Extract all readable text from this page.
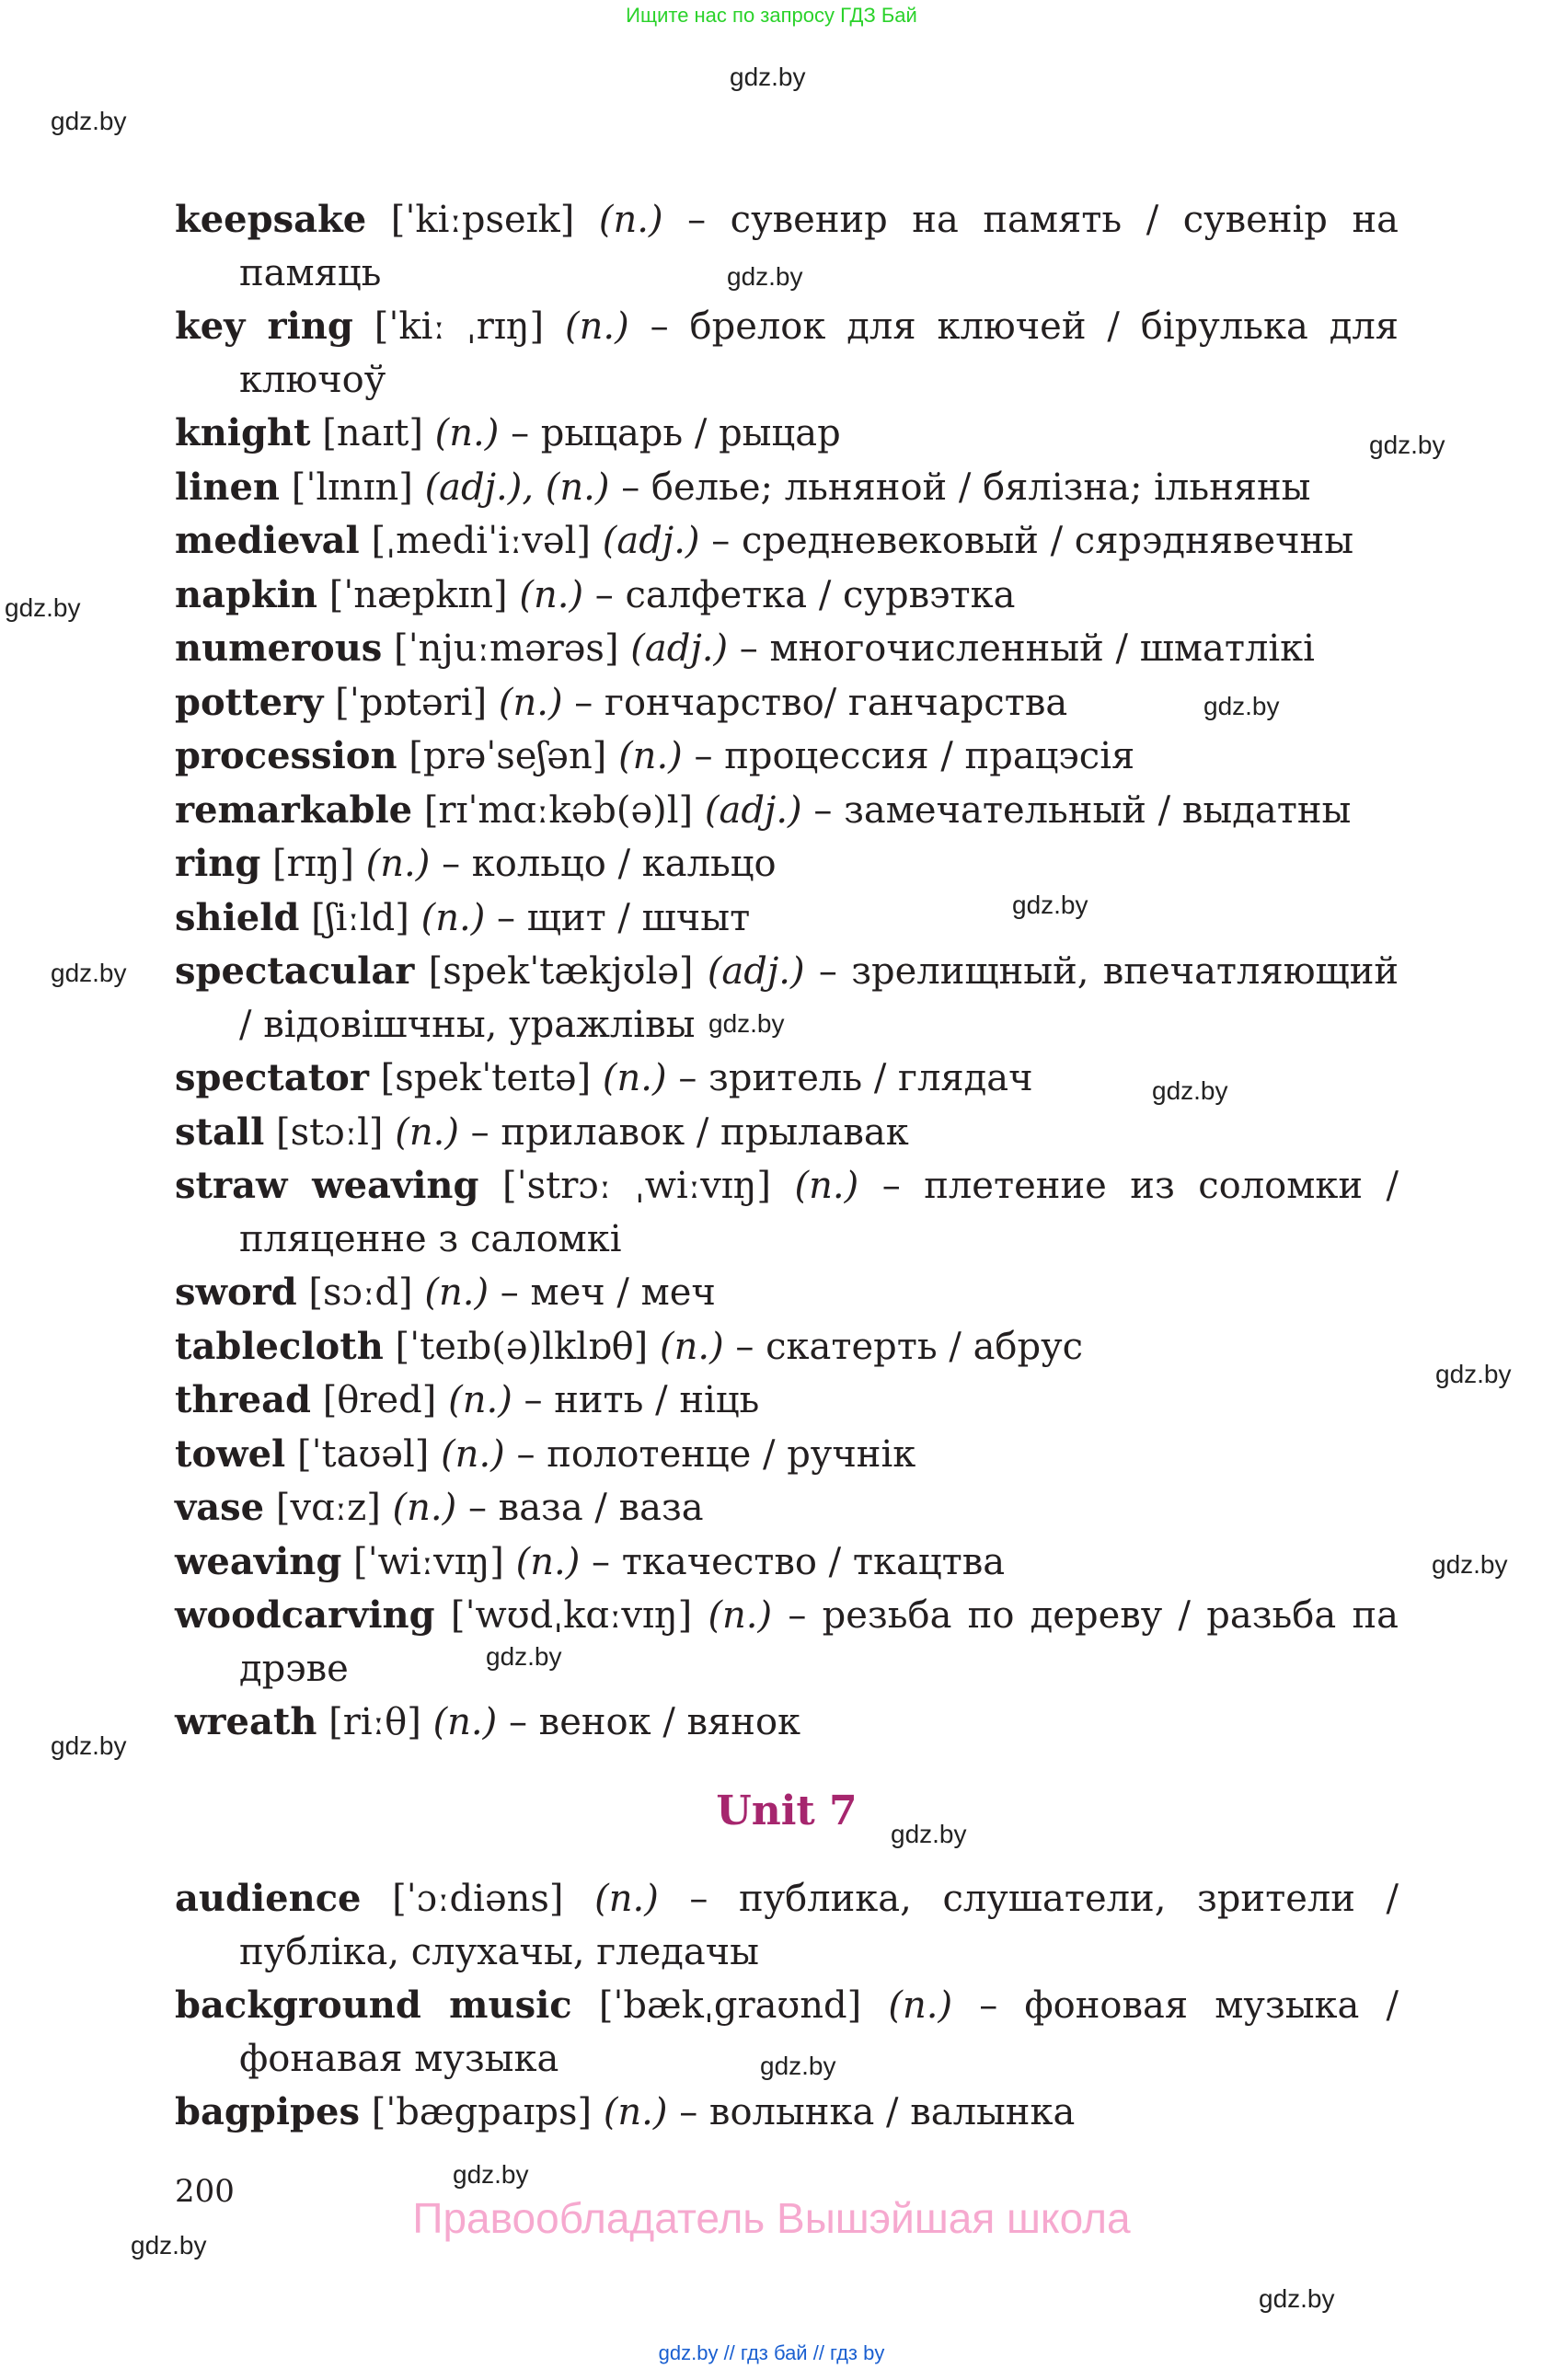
Ищите нас по запросу ГДЗ Бай
gdz.by
gdz.by
gdz.by
gdz.by
gdz.by
gdz.by
gdz.by
gdz.by
gdz.by
gdz.by
gdz.by
gdz.by
gdz.by
gdz.by
gdz.by
gdz.by
gdz.by
gdz.by
gdz.by
keepsake [ˈkiːpseɪk] (n.) – сувенир на память / сувенір на памяць
key ring [ˈkiː ˌrɪŋ] (n.) – брелок для ключей / бірулька для ключоў
knight [naɪt] (n.) – рыцарь / рыцар
linen [ˈlɪnɪn] (adj.), (n.) – белье; льняной / бялізна; ільняны
medieval [ˌmediˈiːvəl] (adj.) – средневековый / сярэднявечны
napkin [ˈnæpkɪn] (n.) – салфетка / сурвэтка
numerous [ˈnjuːmərəs] (adj.) – многочисленный / шматлікі
pottery [ˈpɒtəri] (n.) – гончарство/ ганчарства
procession [prəˈseʃən] (n.) – процессия / працэсія
remarkable [rɪˈmɑːkəb(ə)l] (adj.) – замечательный / выдатны
ring [rɪŋ] (n.) – кольцо / кальцо
shield [ʃiːld] (n.) – щит / шчыт
spectacular [spekˈtækjʊlə] (adj.) – зрелищный, впечатляющий / відовішчны, уражлівы
spectator [spekˈteɪtə] (n.) – зритель / глядач
stall [stɔːl] (n.) – прилавок / прылавак
straw weaving [ˈstrɔː ˌwiːvɪŋ] (n.) – плетение из соломки / пляценне з саломкі
sword [sɔːd] (n.) – меч / меч
tablecloth [ˈteɪb(ə)lklɒθ] (n.) – скатерть / абрус
thread [θred] (n.) – нить / ніць
towel [ˈtaʊəl] (n.) – полотенце / ручнік
vase [vɑːz] (n.) – ваза / ваза
weaving [ˈwiːvɪŋ] (n.) – ткачество / ткацтва
woodcarving [ˈwʊdˌkɑːvɪŋ] (n.) – резьба по дереву / разьба па дрэве
wreath [riːθ] (n.) – венок / вянок
Unit 7
audience [ˈɔːdiəns] (n.) – публика, слушатели, зрители / публіка, слухачы, гледачы
background music [ˈbækˌgraʊnd] (n.) – фоновая музыка / фонавая музыка
bagpipes [ˈbægpaɪps] (n.) – волынка / валынка
200
Правообладатель Вышэйшая школа
gdz.by // гдз бай // гдз by
